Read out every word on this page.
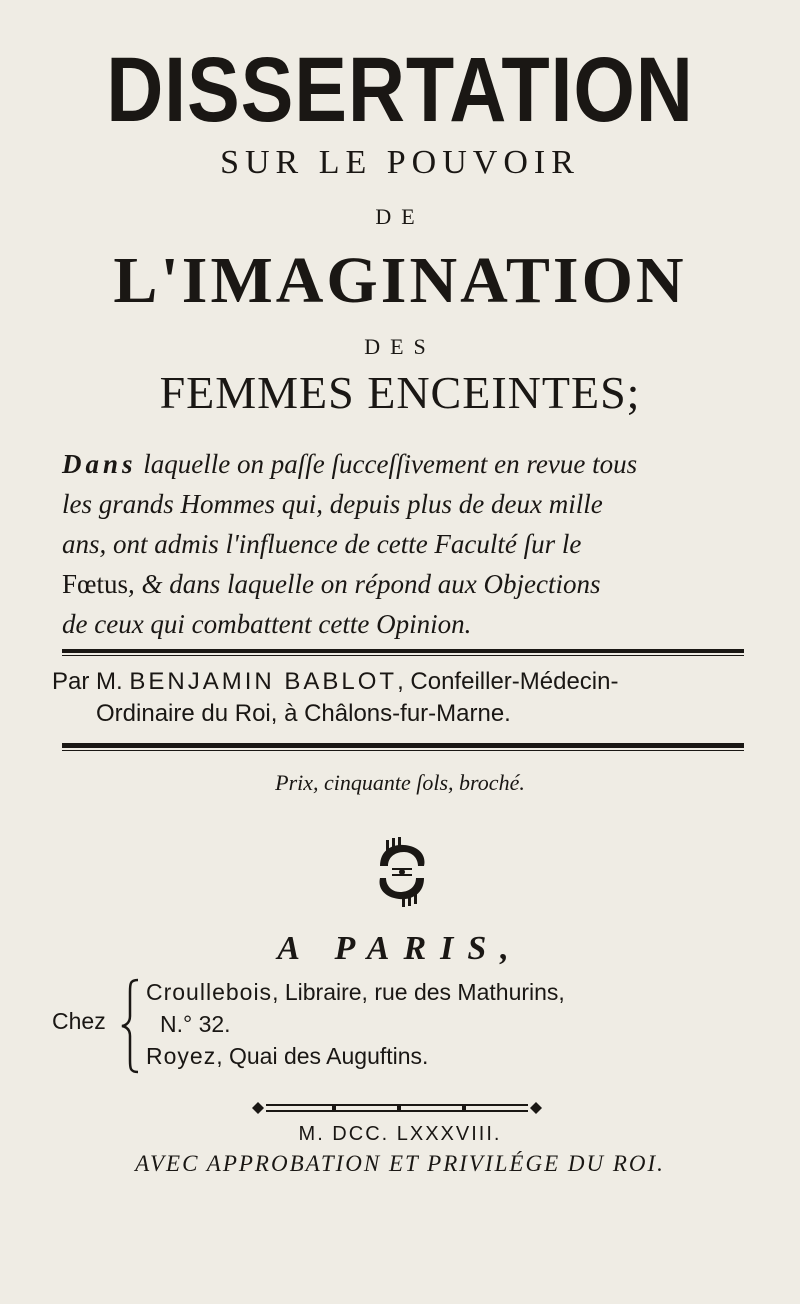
DISSERTATION
SUR LE POUVOIR
DE
L'IMAGINATION
DES
FEMMES ENCEINTES;

Dans laquelle on paſſe ſucceſſivement en revue tous

les grands Hommes qui, depuis plus de deux mille

ans, ont admis l'influence de cette Faculté ſur le

Fœtus, & dans laquelle on répond aux Objections

de ceux qui combattent cette Opinion.

Par M. BENJAMIN BABLOT, Confeiller-Médecin-

Ordinaire du Roi, à Châlons-fur-Marne.

Prix, cinquante ſols, broché.
A PARIS,
Chez

Croullebois, Libraire, rue des Mathurins,

N.° 32.

Royez, Quai des Auguftins.

M. DCC. LXXXVIII.
AVEC APPROBATION ET PRIVILÉGE DU ROI.
